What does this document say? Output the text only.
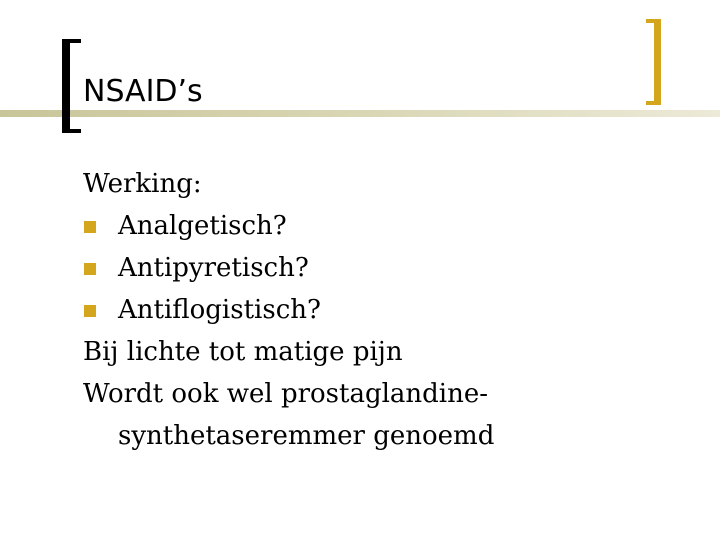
NSAID’s
Werking:
Analgetisch?
Antipyretisch?
Antiflogistisch?
Bij lichte tot matige pijn
Wordt ook wel prostaglandine-
synthetaseremmer genoemd
